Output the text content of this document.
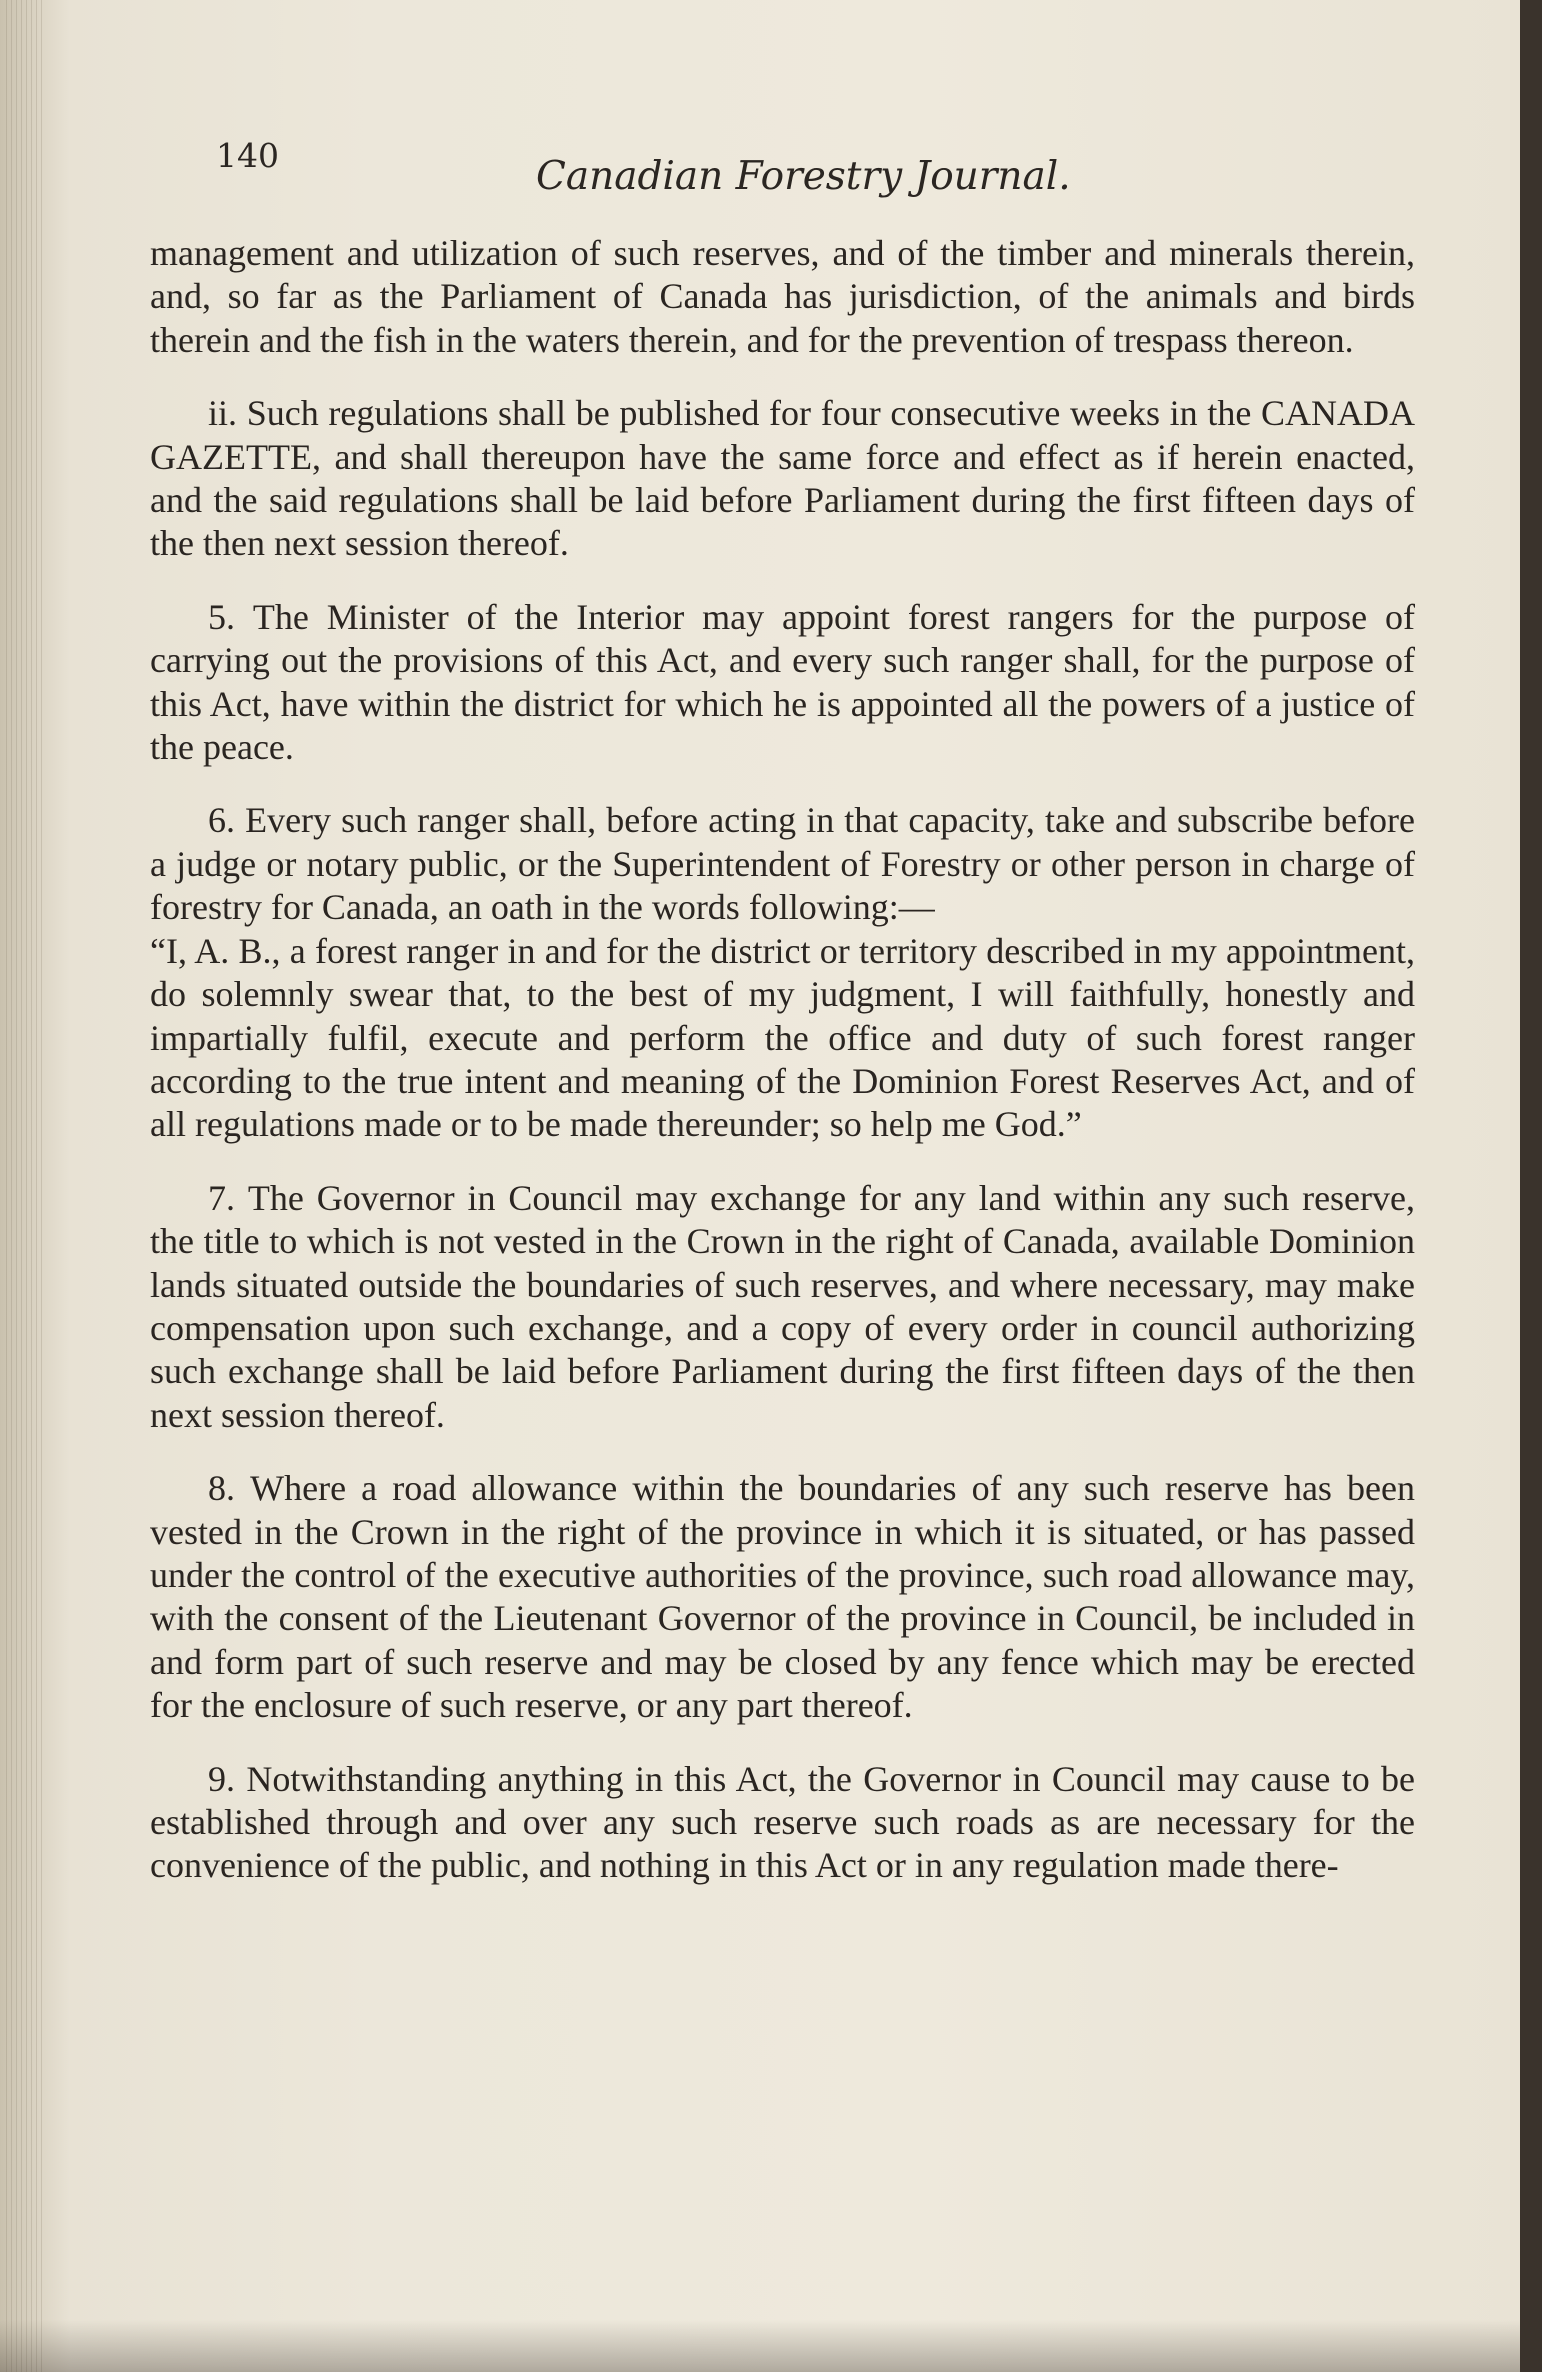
140	Canadian Forestry Journal.

management and utilization of such reserves, and of the timber and minerals therein, and, so far as the Parliament of Canada has jurisdiction, of the animals and birds therein and the fish in the waters therein, and for the prevention of trespass thereon.

ii. Such regulations shall be published for four consecutive weeks in the CANADA GAZETTE, and shall thereupon have the same force and effect as if herein enacted, and the said regulations shall be laid before Parliament during the first fifteen days of the then next session thereof.

5. The Minister of the Interior may appoint forest rangers for the purpose of carrying out the provisions of this Act, and every such ranger shall, for the purpose of this Act, have within the district for which he is appointed all the powers of a justice of the peace.

6. Every such ranger shall, before acting in that capacity, take and subscribe before a judge or notary public, or the Superintendent of Forestry or other person in charge of forestry for Canada, an oath in the words following:—

“I, A. B., a forest ranger in and for the district or territory described in my appointment, do solemnly swear that, to the best of my judgment, I will faithfully, honestly and impartially fulfil, execute and perform the office and duty of such forest ranger according to the true intent and meaning of the Dominion Forest Reserves Act, and of all regulations made or to be made thereunder; so help me God.”

7. The Governor in Council may exchange for any land within any such reserve, the title to which is not vested in the Crown in the right of Canada, available Dominion lands situated outside the boundaries of such reserves, and where necessary, may make compensation upon such exchange, and a copy of every order in council authorizing such exchange shall be laid before Parliament during the first fifteen days of the then next session thereof.

8. Where a road allowance within the boundaries of any such reserve has been vested in the Crown in the right of the province in which it is situated, or has passed under the control of the executive authorities of the province, such road allowance may, with the consent of the Lieutenant Governor of the province in Council, be included in and form part of such reserve and may be closed by any fence which may be erected for the enclosure of such reserve, or any part thereof.

9. Notwithstanding anything in this Act, the Governor in Council may cause to be established through and over any such reserve such roads as are necessary for the convenience of the public, and nothing in this Act or in any regulation made there-
